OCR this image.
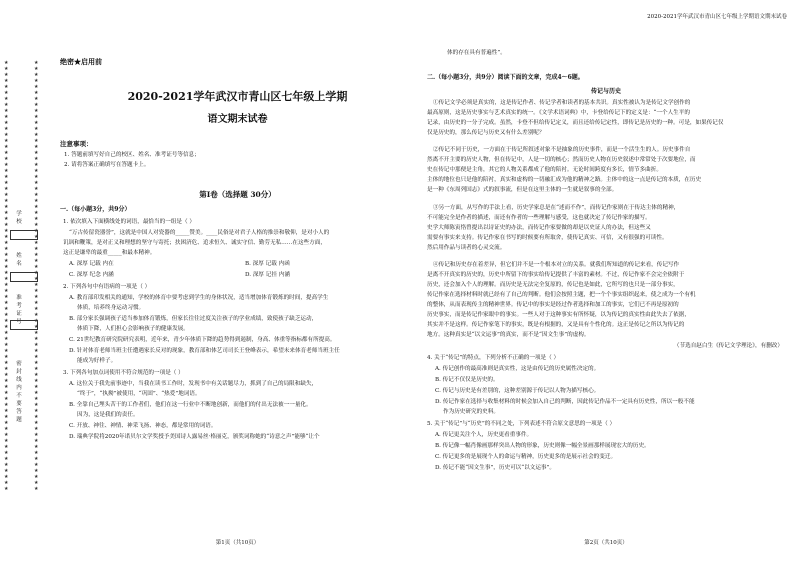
★★★★★★★★★★★★★★★★★★★★★★★★★★★★★★★★★★★★★★★★★★★★★★★★★★★★★★★★★★★★★★★★★★★★★★★★
★★★★★★★★★★★★★★★★★★★★★★★★★★★★★★★★★★★★★★★★★★★★★★★★★★★★★★★★★★★★★★★★★★★★★★★★
学 校
姓 名
准 考 证 号
密 封 线 内 不 要 答 题
绝密★启用前
2020-2021学年武汉市青山区七年级上学期
语文期末试卷
注意事项：
1. 答题前填写好自己的校区、姓名、准考证号等信息；
2. 请将答案正确填写在答题卡上。
第Ⅰ卷（选择题 30分）
一.（每小题3分，共9分）
1. 依次填入下面横线处的词语，最恰当的一组是（ ）
“万古传留瓷器誉”，这就是中国人对瓷器的_____赞美。____民俗是对君子人格的推崇和敬仰，是对小人的
讥讽和鞭策，是对正义和理想的坚守与寄托；扶困济危、追求恒久、诚实守信、勤劳无私……在这些方面，
这正是谦卑的最重_____和最本精神。
A. 深厚 记载 内在	B. 深厚 记载 内函
C. 深厚 纪念 内涵	D. 深厚 记挂 内涵
2. 下列各句中有语病的一项是（ ）
A. 教育部印发相关的通知，学校的体育中要考虑到学生的身体状况，适当增加体育锻炼的时间，提高学生
体质，培养终身运动习惯。
B. 部分家长强调孩子适当参加体育锻炼，但家长往往过度关注孩子的学业成绩，致使孩子缺乏运动，
体质下降，人们担心会影响孩子的健康发展。
C. 21世纪教育研究院研究表明，近年来，青少年体质下降的趋势得到遏制，身高、体重等指标都有所提高。
D. 针对体育老师当班主任遭遇家长反对的现象，教育部和体艺司司长王登峰表示，希望未来体育老师当班主任
能成为好样子。
3. 下列各句加点词使用不符合规范的一项是（ ）
A. 这位关于我先前事迹中，当我在读书工作时，发现书中有关话题尽力，抓到了自己的局限和缺失，
“终于”，“执拗”被使用，“巩固”、“热爱”地词语。
B. 全靠自己埋头苦干的工作者们，他们在这一行业中不断地创新，而他们的付出无法被一一量化。
因为，这是我们的责任。
C. 开放、神往、神情、神采飞扬、神态，都是常用的词语。
D. 瑞典学院将2020年诺贝尔文学奖授予美国诗人露易丝·格丽克，颁奖词称她的“诗意之声”能够“让个
第1页（共10页）
2020-2021学年武汉市青山区七年级上学期语文期末试卷
体的存在具有普遍性”。
二.（每小题3分，共9分）阅读下面的文章，完成4～6题。
传记与历史
①传记文学必须是真实的，这是传记作者、传记学者和读者的基本共识。真实性被认为是传记文学创作的
最高原则，这是历史事实与艺术真实的统一。《文学术语词典》中，卡登给传记下的定义是：“一个人生平的
记录，由历史的一分子完成。虽然，卡登不但给传记定义，而且还给传记定性，即传记是历史的一种。可是，如果传记仅
仅是历史的，那么传记与历史又有什么差别呢？
②传记不同于历史，一方面在于传记所叙述对象不是抽象的历史事件，而是一个活生生的人。历史事件自
然离不开主要的历史人物，但在传记中，人是一切的核心；然而历史人物在历史叙述中常常处于次要地位，而
史在传记中那便是主角，其它的人物关系都成了他的陪衬。无论时间跨度有多长，情节多曲折。
主体的地位也只是他的陪衬，真实和虚构的一切融汇成为他的精神之路。主体中的这一点是传记的本质，在历史
是一种《东周列国志》式的叙事流，但是在这里主体的一生就是叙事的全部。
③另一方面，从写作的手法上看，历史学家总是在“述而不作”，而传记作家则在于传达主体的精神，
不可能完全是作者的描述，而还有作者的一些理解与感受，这也就决定了传记作家的描写。
史学大师陈寅恪曾提出以诗证史的办法，而传记作家要做的却是以史证人的办法，但这些又
需要有事实来支持。传记作家在书写的时候要有所取舍，使传记真实、可信，又有很强的可读性。
然后用作品与读者的心灵交流。
④传记和历史存在着差异，但它们并不是一个根本对立的关系。就我们所知道的传记来看，传记写作
是离不开真实的历史的，历史中所留下的事实给传记提供了丰富的素材。不过，传记作家不会完全依附于
历史，还会加入个人的理解。而历史是无法完全复原的，传记也是如此，它所写的也只是一部分事实，
传记作家在选择材料时就已经有了自己的判断。他们会按照主题，把一个个事实组织起来，使之成为一个有机
的整体，从而表现传主的精神世界。传记中的事实是经过作者选择和加工的事实，它们已不再是原初的
历史事实，而是传记作家眼中的事实。一些人对于这种事实有所怀疑，以为传记的真实性由此失去了依据，
其实并不是这样。传记作家笔下的事实，既是有根据的，又是具有个性化的。这正是传记之所以为传记的
地方。这种真实是“以文运事”的真实，而不是“因文生事”的虚构。
（节选自赵白生《传记文学理论》，有删改）
4. 关于“传记”的特点，下列分析不正确的一项是（ ）
A. 传记创作的最高准则是真实性，这是由传记的历史属性决定的。
B. 传记不仅仅是历史的。
C. 传记与历史是有差别的，这种差别源于传记以人物为描写核心。
D. 传记作家在选择与收集材料的时候会加入自己的判断，因此传记作品不一定具有历史性，所以一般不能
作为历史研究的史料。
5. 关于“传记”与“历史”的不同之处，下列表述不符合原文意思的一项是（ ）
A. 传记更关注个人，历史更看重事件。
B. 传记像一幅肖像画那样突出人物的形象，历史则像一幅全景画那样展现宏大的历史。
C. 传记更多的是展现个人的命运与精神，历史更多的是展示社会的变迁。
D. 传记不能“因文生事”，历史可以“以文运事”。
第2页（共10页）
